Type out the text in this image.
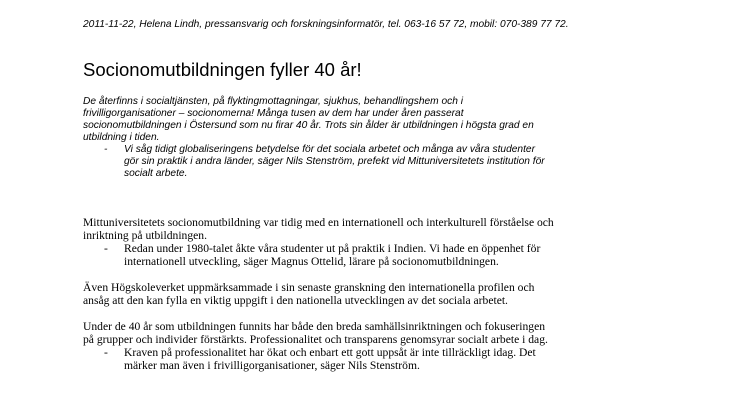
2011-11-22, Helena Lindh, pressansvarig och forskningsinformatör, tel. 063-16 57 72, mobil: 070-389 77 72.
Socionomutbildningen fyller 40 år!

De återfinns i socialtjänsten, på flyktingmottagningar, sjukhus, behandlingshem och i

frivilligorganisationer – socionomerna! Många tusen av dem har under åren passerat

socionomutbildningen i Östersund som nu firar 40 år. Trots sin ålder är utbildningen i högsta grad en

utbildning i tiden.

- Vi såg tidigt globaliseringens betydelse för det sociala arbetet och många av våra studenter
gör sin praktik i andra länder, säger Nils Stenström, prefekt vid Mittuniversitetets institution för
socialt arbete.

Mittuniversitetets socionomutbildning var tidig med en internationell och interkulturell förståelse och

inriktning på utbildningen.

- Redan under 1980-talet åkte våra studenter ut på praktik i Indien. Vi hade en öppenhet för
internationell utveckling, säger Magnus Ottelid, lärare på socionomutbildningen.

Även Högskoleverket uppmärksammade i sin senaste granskning den internationella profilen och

ansåg att den kan fylla en viktig uppgift i den nationella utvecklingen av det sociala arbetet.

Under de 40 år som utbildningen funnits har både den breda samhällsinriktningen och fokuseringen

på grupper och individer förstärkts. Professionalitet och transparens genomsyrar socialt arbete i dag.

- Kraven på professionalitet har ökat och enbart ett gott uppsåt är inte tillräckligt idag. Det
märker man även i frivilligorganisationer, säger Nils Stenström.
